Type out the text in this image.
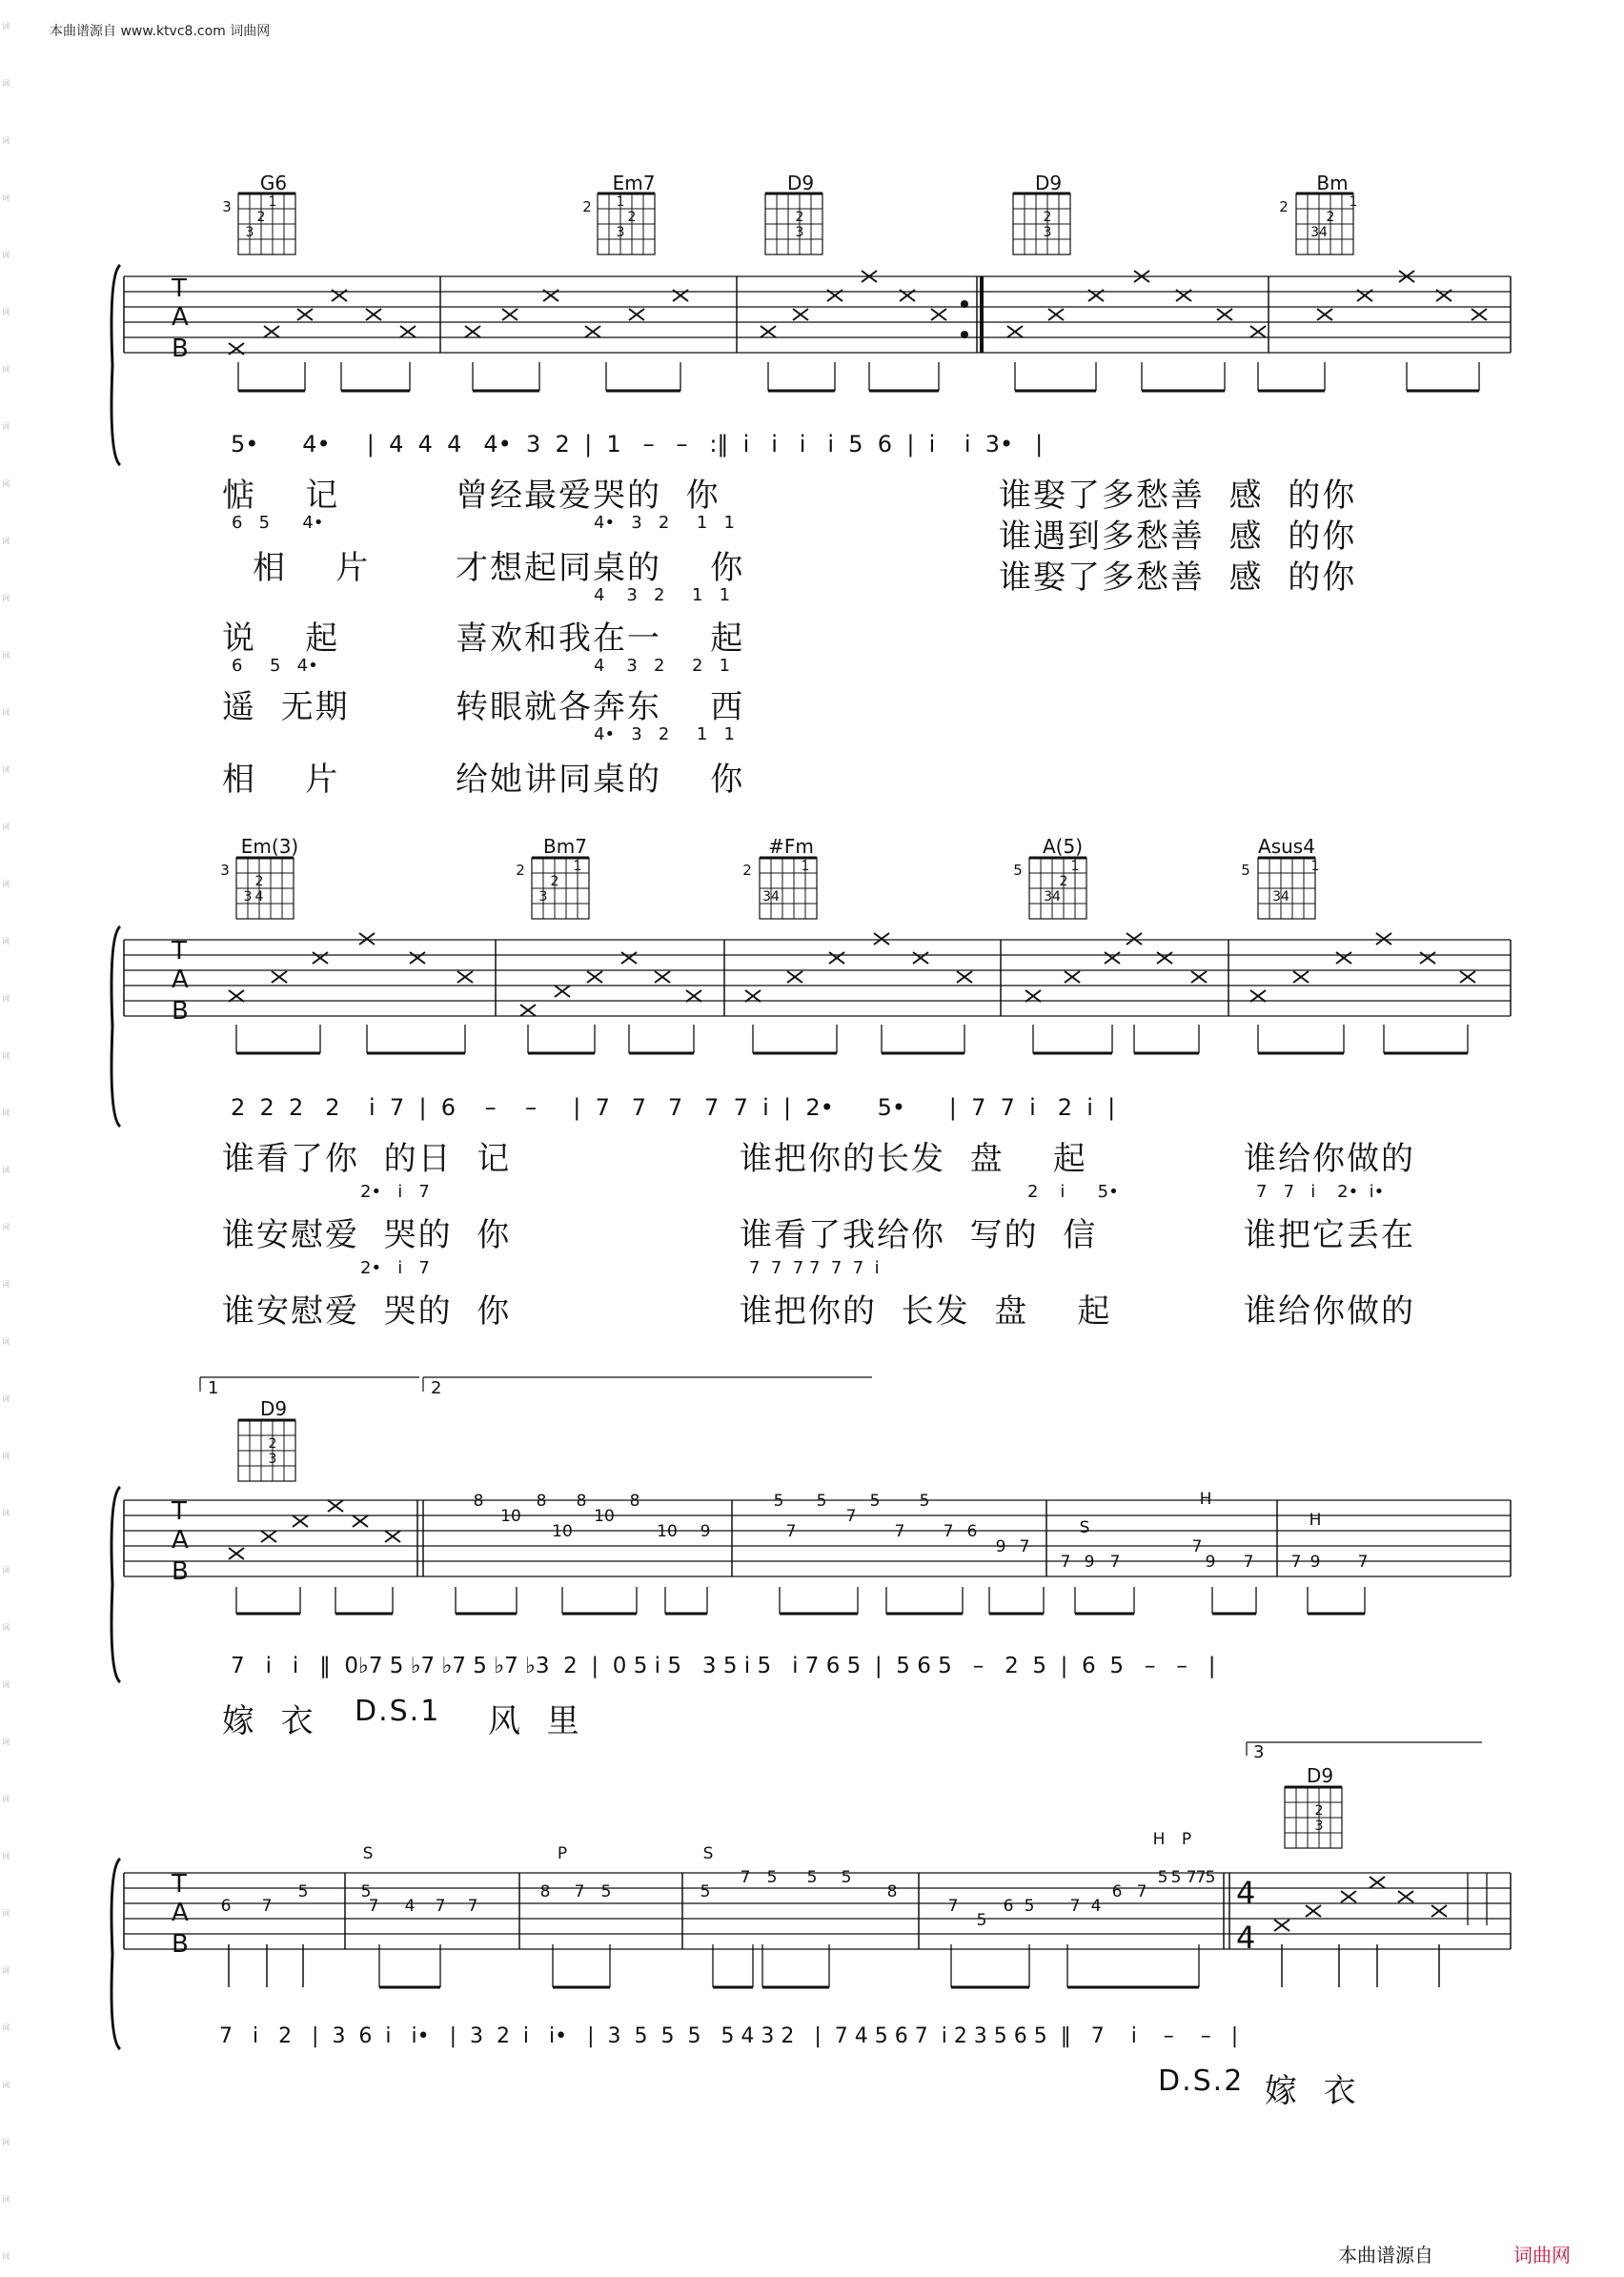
词
词
词
词
词
词
词
词
词
词
词
词
词
词
词
词
词
词
词
词
词
词
词
词
词
词
词
词
词
词
词
词
词
词
词
词
词
词
词
词
本曲谱源自 www.ktvc8.com 词曲网
2
1
3
1
2
3
2
3
2
3
2
34
1
3	2	2
2
3 4	3
2
1
34
1
34
1
2
34
1
3	2	2	5	5
2
3
8
10
8
10
8
10
8
10 9
5
7
5
7
5
7
5
7 6
9 7
7 9 7
7
9 7 7 9 7
S
H
H
2
3
6 7
5	5
7 4 7 7
8 7 5	5
7 5 5 5
8
7
5
6 5 7 4
6 7
5 7
5 7 5
S	P	S
H P
G6	Em7	D9	D9	Bm
Em(3)	Bm7	#Fm	A(5)	Asus4
D9
D9
T
A
B
T
A
B
T
A
B
T
A
B
5•      4•     |  4  4  4   4•  3  2  |  1   –   –   :‖  i   i   i   i  5  6  |  i    i  3•   |
惦    记	曾经最爱哭的  你	谁娶了多愁善  感  的你
6   5      4•	4•   3   2     1   1	谁遇到多愁善  感  的你
相    片	才想起同桌的    你	谁娶了多愁善  感  的你
4    3   2     1   1
说    起	喜欢和我在一    起
6     5   4•	4    3   2     2   1
遥  无期	转眼就各奔东    西
4•   3   2     1   1
相    片	给她讲同桌的    你
2  2  2   2    i  7  |  6    –    –     |  7   7   7   7  7  i  |  2•      5•      |  7  7  i   2  i  |
谁看了你  的日  记	谁把你的长发  盘    起	谁给你做的
2•   i   7	2    i      5•	7   7   i    2•  i•
谁安慰爱  哭的  你	谁看了我给你  写的  信	谁把它丢在
2•   i   7	7  7  7 7  7  7  i
谁安慰爱  哭的  你	谁把你的  长发  盘    起	谁给你做的
1	2
7   i   i   ‖  0♭7 5 ♭7 ♭7 5 ♭7 ♭3  2  |  0 5 i 5   3 5 i 5   i 7 6 5  |  5 6 5   –   2  5  |  6  5   –   –   |
嫁  衣 D.S.1 风  里
3
4
4
7   i   2   |  3  6  i   i•   |  3  2  i   i•   |  3  5  5  5   5 4 3 2   |  7 4 5 6 7  i 2 3 5 6 5  ‖   7    i    –    –   |
D.S.2 嫁  衣
本曲谱源自	词曲网
